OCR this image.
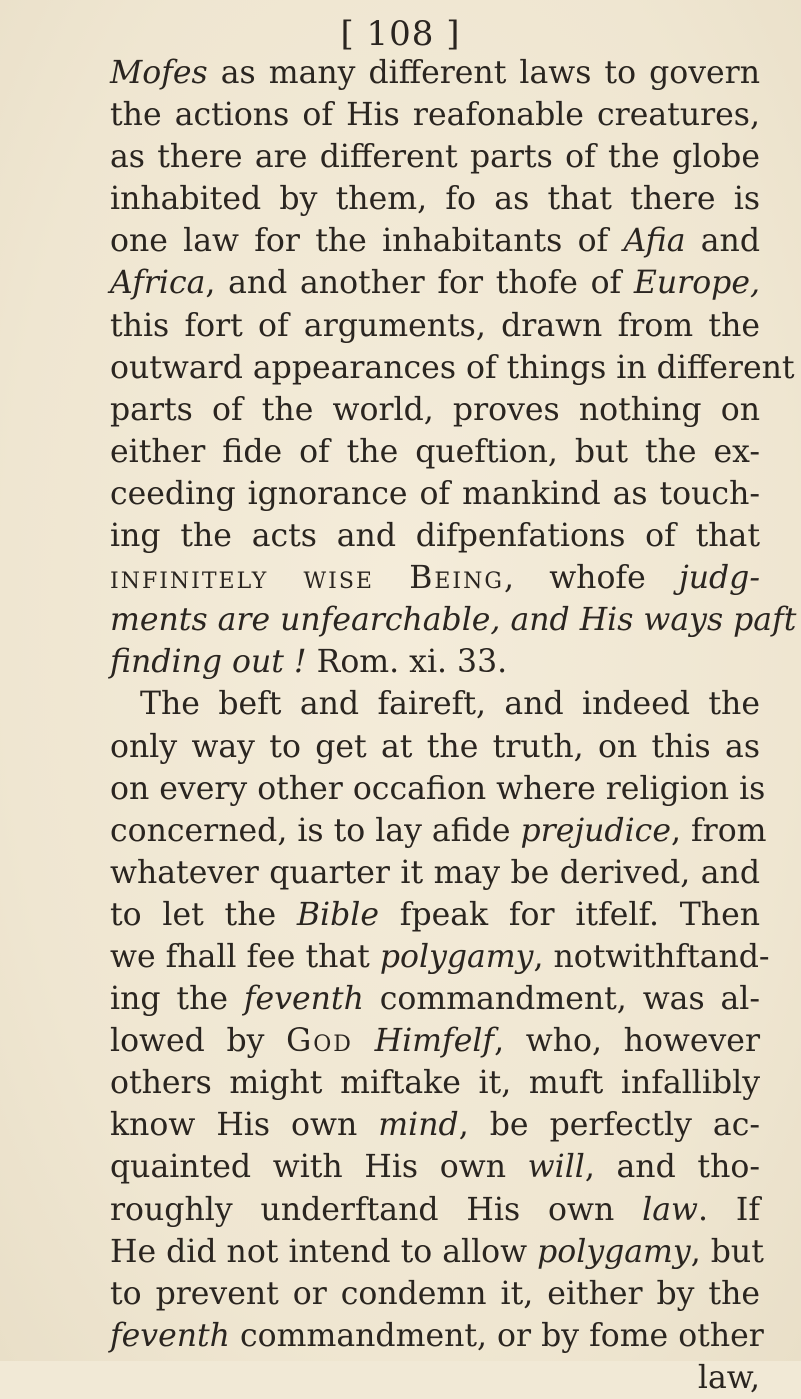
[ 108 ]
Mofes as many different laws to govern
the actions of His reafonable creatures,
as there are different parts of the globe
inhabited by them, fo as that there is
one law for the inhabitants of Afia and
Africa, and another for thofe of Europe,
this fort of arguments, drawn from the
outward appearances of things in different
parts of the world, proves nothing on
either fide of the queftion, but the ex-
ceeding ignorance of mankind as touch-
ing the acts and difpenfations of that
infinitely wise Being, whofe judg-
ments are unfearchable, and His ways paft
finding out ! Rom. xi. 33.
The beft and faireft, and indeed the
only way to get at the truth, on this as
on every other occafion where religion is
concerned, is to lay afide prejudice, from
whatever quarter it may be derived, and
to let the Bible fpeak for itfelf. Then
we fhall fee that polygamy, notwithftand-
ing the feventh commandment, was al-
lowed by God Himfelf, who, however
others might miftake it, muft infallibly
know His own mind, be perfectly ac-
quainted with His own will, and tho-
roughly underftand His own law. If
He did not intend to allow polygamy, but
to prevent or condemn it, either by the
feventh commandment, or by fome other
law,
